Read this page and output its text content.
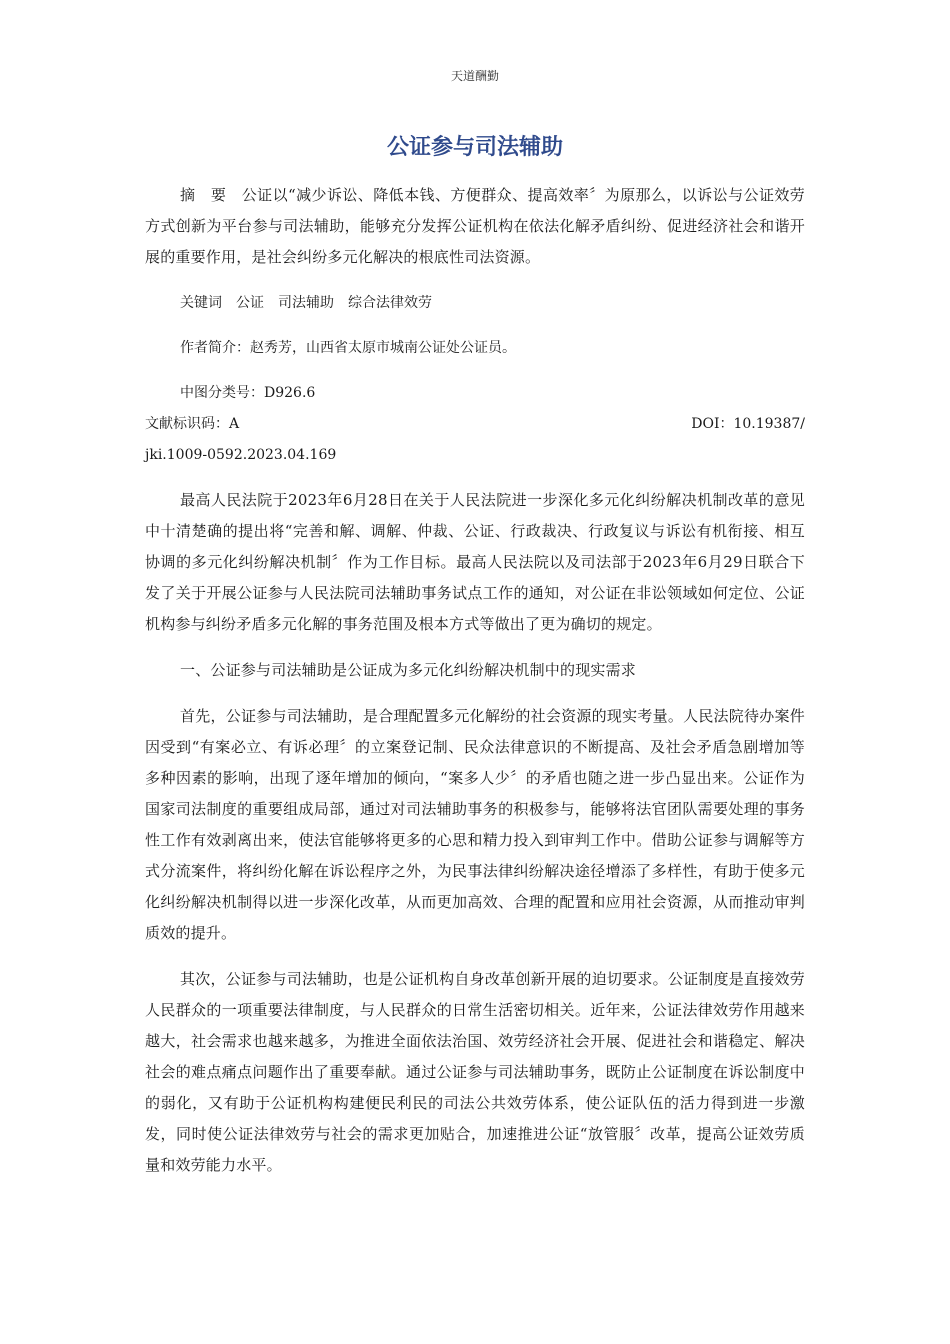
天道酬勤
公证参与司法辅助

摘　要　公证以“减少诉讼、降低本钱、方便群众、提高效率〞为原那么，以诉讼与公证效劳方式创新为平台参与司法辅助，能够充分发挥公证机构在依法化解矛盾纠纷、促进经济社会和谐开展的重要作用，是社会纠纷多元化解决的根底性司法资源。

关键词　公证　司法辅助　综合法律效劳

作者简介：赵秀芳，山西省太原市城南公证处公证员。

中图分类号：D926.6

文献标识码：A	DOI：10.19387/

jki.1009-0592.2023.04.169

最高人民法院于2023年6月28日在关于人民法院进一步深化多元化纠纷解决机制改革的意见中十清楚确的提出将“完善和解、调解、仲裁、公证、行政裁决、行政复议与诉讼有机衔接、相互协调的多元化纠纷解决机制〞作为工作目标。最高人民法院以及司法部于2023年6月29日联合下发了关于开展公证参与人民法院司法辅助事务试点工作的通知，对公证在非讼领域如何定位、公证机构参与纠纷矛盾多元化解的事务范围及根本方式等做出了更为确切的规定。

一、公证参与司法辅助是公证成为多元化纠纷解决机制中的现实需求

首先，公证参与司法辅助，是合理配置多元化解纷的社会资源的现实考量。人民法院待办案件因受到“有案必立、有诉必理〞的立案登记制、民众法律意识的不断提高、及社会矛盾急剧增加等多种因素的影响，出现了逐年增加的倾向，“案多人少〞的矛盾也随之进一步凸显出来。公证作为国家司法制度的重要组成局部，通过对司法辅助事务的积极参与，能够将法官团队需要处理的事务性工作有效剥离出来，使法官能够将更多的心思和精力投入到审判工作中。借助公证参与调解等方式分流案件，将纠纷化解在诉讼程序之外，为民事法律纠纷解决途径增添了多样性，有助于使多元化纠纷解决机制得以进一步深化改革，从而更加高效、合理的配置和应用社会资源，从而推动审判质效的提升。

其次，公证参与司法辅助，也是公证机构自身改革创新开展的迫切要求。公证制度是直接效劳人民群众的一项重要法律制度，与人民群众的日常生活密切相关。近年来，公证法律效劳作用越来越大，社会需求也越来越多，为推进全面依法治国、效劳经济社会开展、促进社会和谐稳定、解决社会的难点痛点问题作出了重要奉献。通过公证参与司法辅助事务，既防止公证制度在诉讼制度中的弱化，又有助于公证机构构建便民利民的司法公共效劳体系，使公证队伍的活力得到进一步激发，同时使公证法律效劳与社会的需求更加贴合，加速推进公证“放管服〞改革，提高公证效劳质量和效劳能力水平。
